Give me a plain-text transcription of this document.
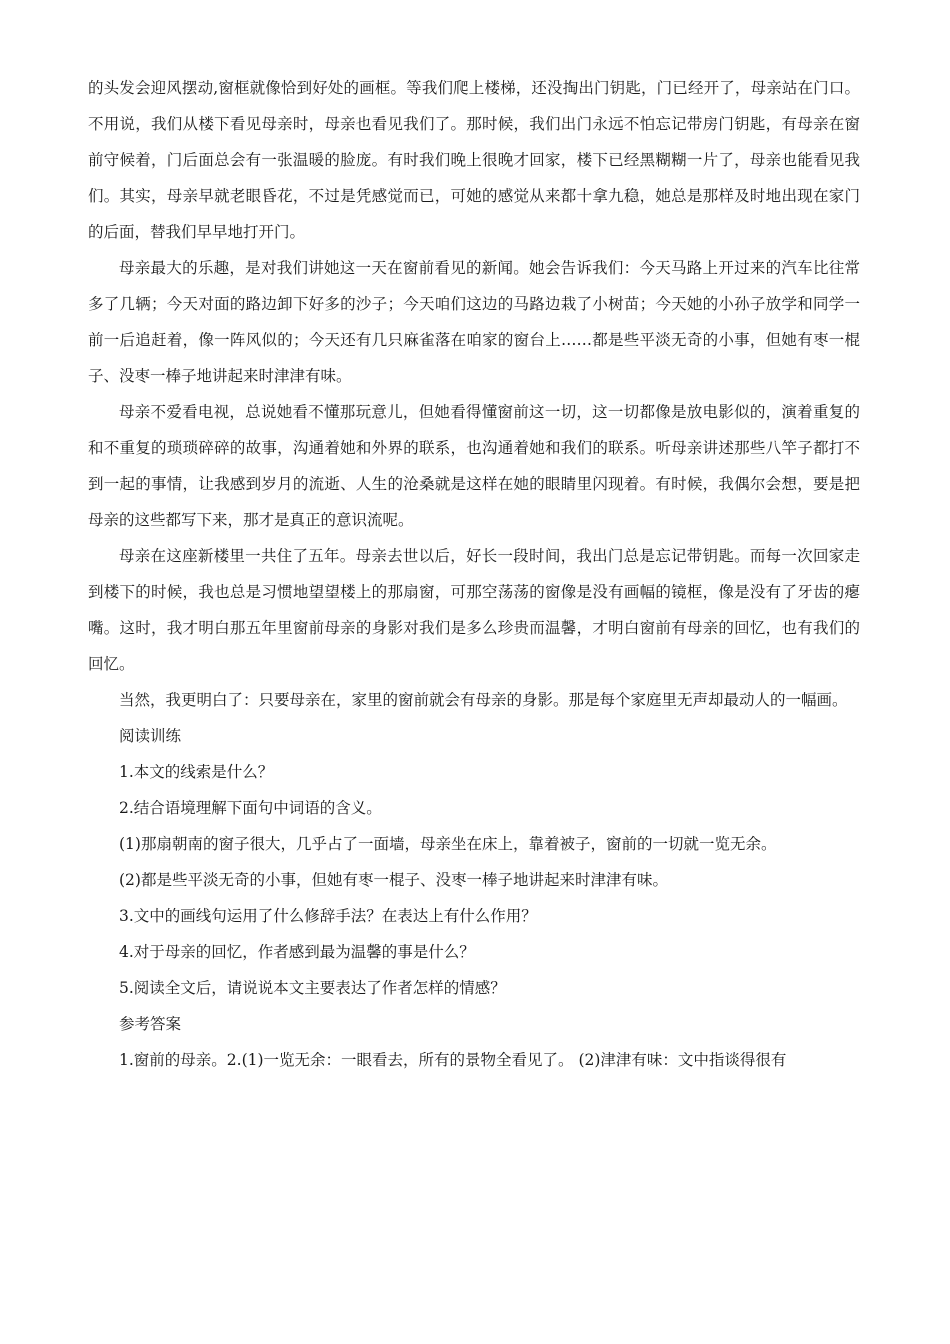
的头发会迎风摆动,窗框就像恰到好处的画框。等我们爬上楼梯，还没掏出门钥匙，门已经开了，母亲站在门口。不用说，我们从楼下看见母亲时，母亲也看见我们了。那时候，我们出门永远不怕忘记带房门钥匙，有母亲在窗前守候着，门后面总会有一张温暖的脸庞。有时我们晚上很晚才回家，楼下已经黑糊糊一片了，母亲也能看见我们。其实，母亲早就老眼昏花，不过是凭感觉而已，可她的感觉从来都十拿九稳，她总是那样及时地出现在家门的后面，替我们早早地打开门。

母亲最大的乐趣，是对我们讲她这一天在窗前看见的新闻。她会告诉我们：今天马路上开过来的汽车比往常多了几辆；今天对面的路边卸下好多的沙子；今天咱们这边的马路边栽了小树苗；今天她的小孙子放学和同学一前一后追赶着，像一阵风似的；今天还有几只麻雀落在咱家的窗台上……都是些平淡无奇的小事，但她有枣一棍子、没枣一棒子地讲起来时津津有味。

母亲不爱看电视，总说她看不懂那玩意儿，但她看得懂窗前这一切，这一切都像是放电影似的，演着重复的和不重复的琐琐碎碎的故事，沟通着她和外界的联系，也沟通着她和我们的联系。听母亲讲述那些八竿子都打不到一起的事情，让我感到岁月的流逝、人生的沧桑就是这样在她的眼睛里闪现着。有时候，我偶尔会想，要是把母亲的这些都写下来，那才是真正的意识流呢。

母亲在这座新楼里一共住了五年。母亲去世以后，好长一段时间，我出门总是忘记带钥匙。而每一次回家走到楼下的时候，我也总是习惯地望望楼上的那扇窗，可那空荡荡的窗像是没有画幅的镜框，像是没有了牙齿的瘪嘴。这时，我才明白那五年里窗前母亲的身影对我们是多么珍贵而温馨，才明白窗前有母亲的回忆，也有我们的回忆。

当然，我更明白了：只要母亲在，家里的窗前就会有母亲的身影。那是每个家庭里无声却最动人的一幅画。

阅读训练

1.本文的线索是什么？

2.结合语境理解下面句中词语的含义。

(1)那扇朝南的窗子很大，几乎占了一面墙，母亲坐在床上，靠着被子，窗前的一切就一览无余。

(2)都是些平淡无奇的小事，但她有枣一棍子、没枣一棒子地讲起来时津津有味。

3.文中的画线句运用了什么修辞手法？在表达上有什么作用？

4.对于母亲的回忆，作者感到最为温馨的事是什么？

5.阅读全文后，请说说本文主要表达了作者怎样的情感？

参考答案

1.窗前的母亲。2.(1)一览无余：一眼看去，所有的景物全看见了。 (2)津津有味：文中指谈得很有
